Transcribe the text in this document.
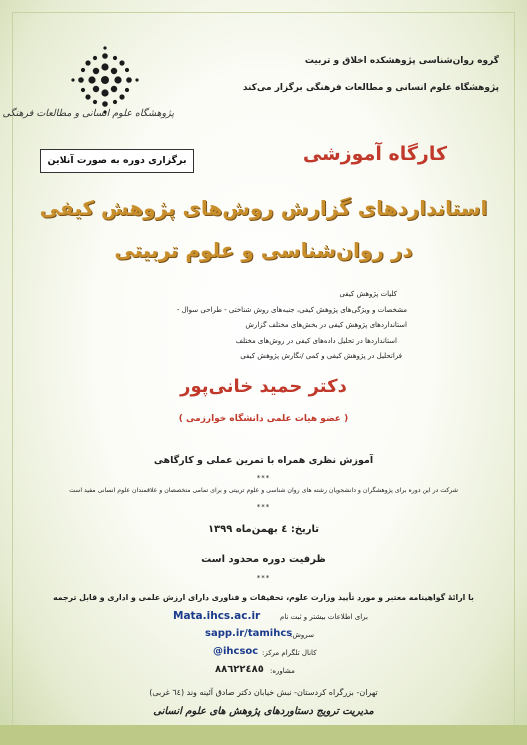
گروه روان‌شناسی پژوهشکده اخلاق و تربیت
پژوهشگاه علوم انسانی و مطالعات فرهنگی برگزار می‌کند
پژوهشگاه علوم انسانی و مطالعات فرهنگی
کارگاه آموزشی
برگزاری دوره به صورت آنلاین
استانداردهای گزارش روش‌های پژوهش کیفی
در روان‌شناسی و علوم تربیتی
کلیات پژوهش کیفی
مشخصات و ویژگی‌های پژوهش کیفی، جنبه‌های روش شناختی - طراحی سوال -
استانداردهای پژوهش کیفی در بخش‌های مختلف گزارش
استانداردها در تحلیل داده‌های کیفی در روش‌های مختلف
فراتحلیل در پژوهش کیفی و کمی /نگارش پژوهش کیفی
دکتر حمید خانی‌پور
( عضو هیات علمی دانشگاه خوارزمی )
آموزش نظری همراه با تمرین عملی و کارگاهی
***
شرکت در این دوره برای پژوهشگران و دانشجویان رشته های روان شناسی و علوم تربیتی و برای تمامی متخصصان و علاقمندان علوم انسانی مفید است
***
تاریخ: ٤ بهمن‌ماه ١٣٩٩
ظرفیت دوره محدود است
***
با ارائهٔ گواهینامه معتبر و مورد تأیید وزارت علوم، تحقیقات و فناوری دارای ارزش علمی و اداری و قابل ترجمه
برای اطلاعات بیشتر و ثبت نام
Mata.ihcs.ac.ir
سروش:
sapp.ir/tamihcs
کانال تلگرام مرکز:
@ihcsoc
مشاوره:
٨٨٦٢٢٤٨٥
تهران- بزرگراه کردستان- نبش خیابان دکتر صادق آئینه وند (٦٤ غربی)
مدیریت ترویج دستاوردهای پژوهش های علوم انسانی
